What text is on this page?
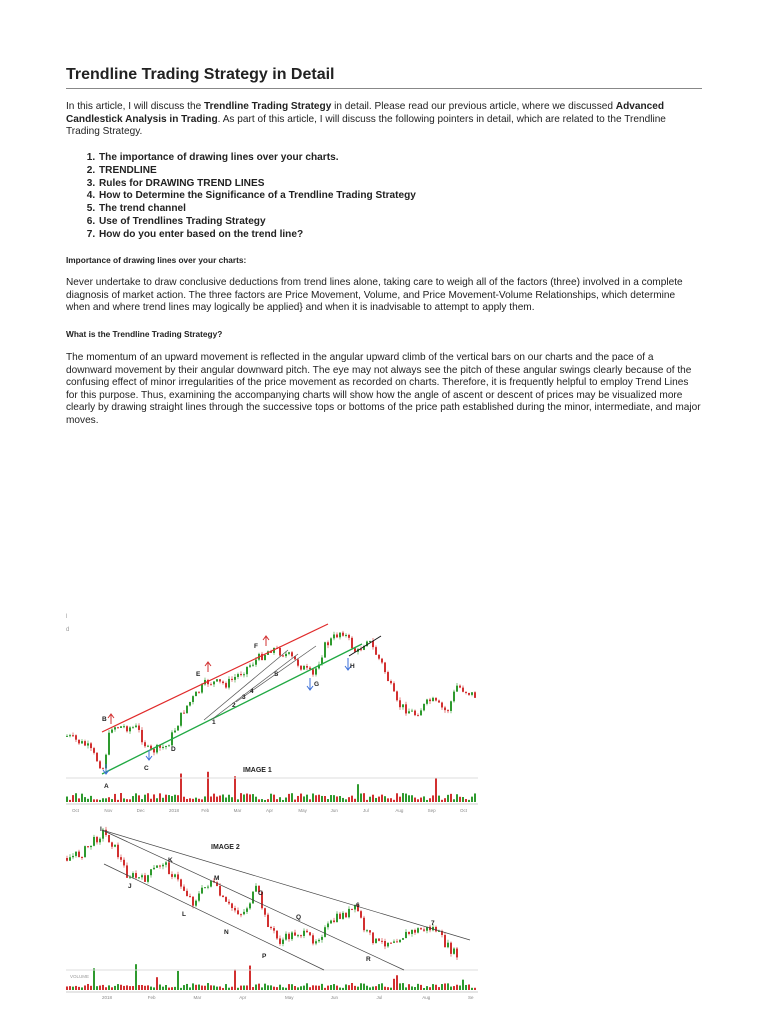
Trendline Trading Strategy in Detail

In this article, I will discuss the Trendline Trading Strategy in detail. Please read our previous article, where we discussed Advanced Candlestick Analysis in Trading. As part of this article, I will discuss the following pointers in detail, which are related to the Trendline Trading Strategy.

1. The importance of drawing lines over your charts.
2. TRENDLINE
3. Rules for DRAWING TREND LINES
4. How to Determine the Significance of a Trendline Trading Strategy
5. The trend channel
6. Use of Trendlines Trading Strategy
7. How do you enter based on the trend line?
Importance of drawing lines over your charts:

Never undertake to draw conclusive deductions from trend lines alone, taking care to weigh all of the factors (three) involved in a complete diagnosis of market action. The three factors are Price Movement, Volume, and Price Movement-Volume Relationships, which determine when and where trend lines may logically be applied} and when it is inadvisable to attempt to apply them.

What is the Trendline Trading Strategy?

The momentum of an upward movement is reflected in the angular upward climb of the vertical bars on our charts and the pace of a downward movement by their angular downward pitch. The eye may not always see the pitch of these angular swings clearly because of the confusing effect of minor irregularities of the price movement as recorded on charts. Therefore, it is frequently helpful to employ Trend Lines for this purpose. Thus, examining the accompanying charts will show how the angle of ascent or descent of prices may be visualized more clearly by drawing straight lines through the successive tops or bottoms of the price path established during the minor, intermediate, and major moves.

l
d
IMAGE 1
A
B
C
D
E
F
G
H
S
1
2
3
4
Oct	Nov	Dec	2018	Feb	Mar	Apr	May	Jun	Jul	Aug	Sep	Oct
IMAGE 2
VOLUME
I
J
K
L
M
N
O
P
Q
R
6
7
2018	Feb	Mar	Apr	May	Jun	Jul	Aug	Se
